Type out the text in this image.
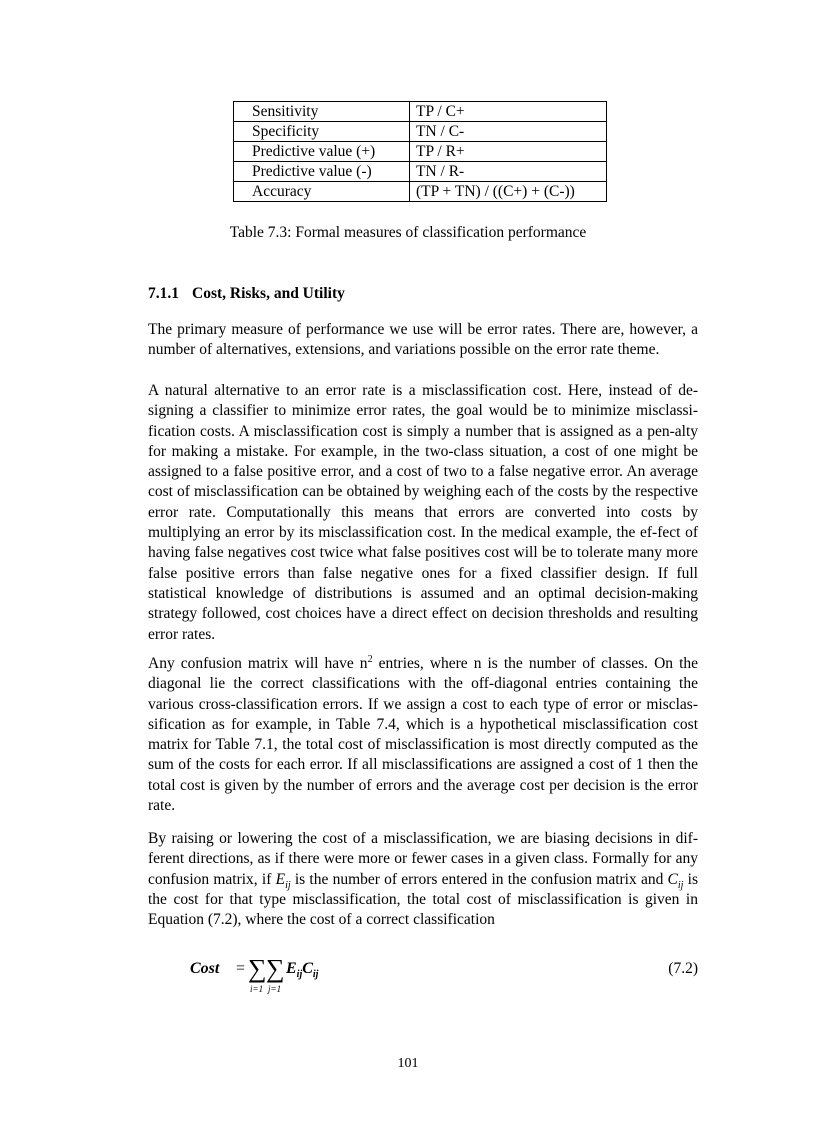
Sensitivity	TP / C+
Specificity	TN / C-
Predictive value (+)	TP / R+
Predictive value (-)	TN / R-
Accuracy	(TP + TN) / ((C+) + (C-))
Table 7.3: Formal measures of classification performance
7.1.1 Cost, Risks, and Utility

The primary measure of performance we use will be error rates. There are, however, a number of alternatives, extensions, and variations possible on the error rate theme.

A natural alternative to an error rate is a misclassification cost. Here, instead of de-signing a classifier to minimize error rates, the goal would be to minimize misclassi-fication costs. A misclassification cost is simply a number that is assigned as a pen-alty for making a mistake. For example, in the two-class situation, a cost of one might be assigned to a false positive error, and a cost of two to a false negative error. An average cost of misclassification can be obtained by weighing each of the costs by the respective error rate. Computationally this means that errors are converted into costs by multiplying an error by its misclassification cost. In the medical example, the ef-fect of having false negatives cost twice what false positives cost will be to tolerate many more false positive errors than false negative ones for a fixed classifier design. If full statistical knowledge of distributions is assumed and an optimal decision-making strategy followed, cost choices have a direct effect on decision thresholds and resulting error rates.

Any confusion matrix will have $n^2$ entries, where n is the number of classes. On the diagonal lie the correct classifications with the off-diagonal entries containing the various cross-classification errors. If we assign a cost to each type of error or misclas-sification as for example, in Table 7.4, which is a hypothetical misclassification cost matrix for Table 7.1, the total cost of misclassification is most directly computed as the sum of the costs for each error. If all misclassifications are assigned a cost of 1 then the total cost is given by the number of errors and the average cost per decision is the error rate.

By raising or lowering the cost of a misclassification, we are biasing decisions in dif-ferent directions, as if there were more or fewer cases in a given class. Formally for any confusion matrix, if $E_{ij}$ is the number of errors entered in the confusion matrix and $C_{ij}$ is the cost for that type misclassification, the total cost of misclassification is given in Equation (7.2), where the cost of a correct classification

Cost = ∑ ∑
i=1 j=1
$E_{ij}C_{ij}$	(7.2)
101
